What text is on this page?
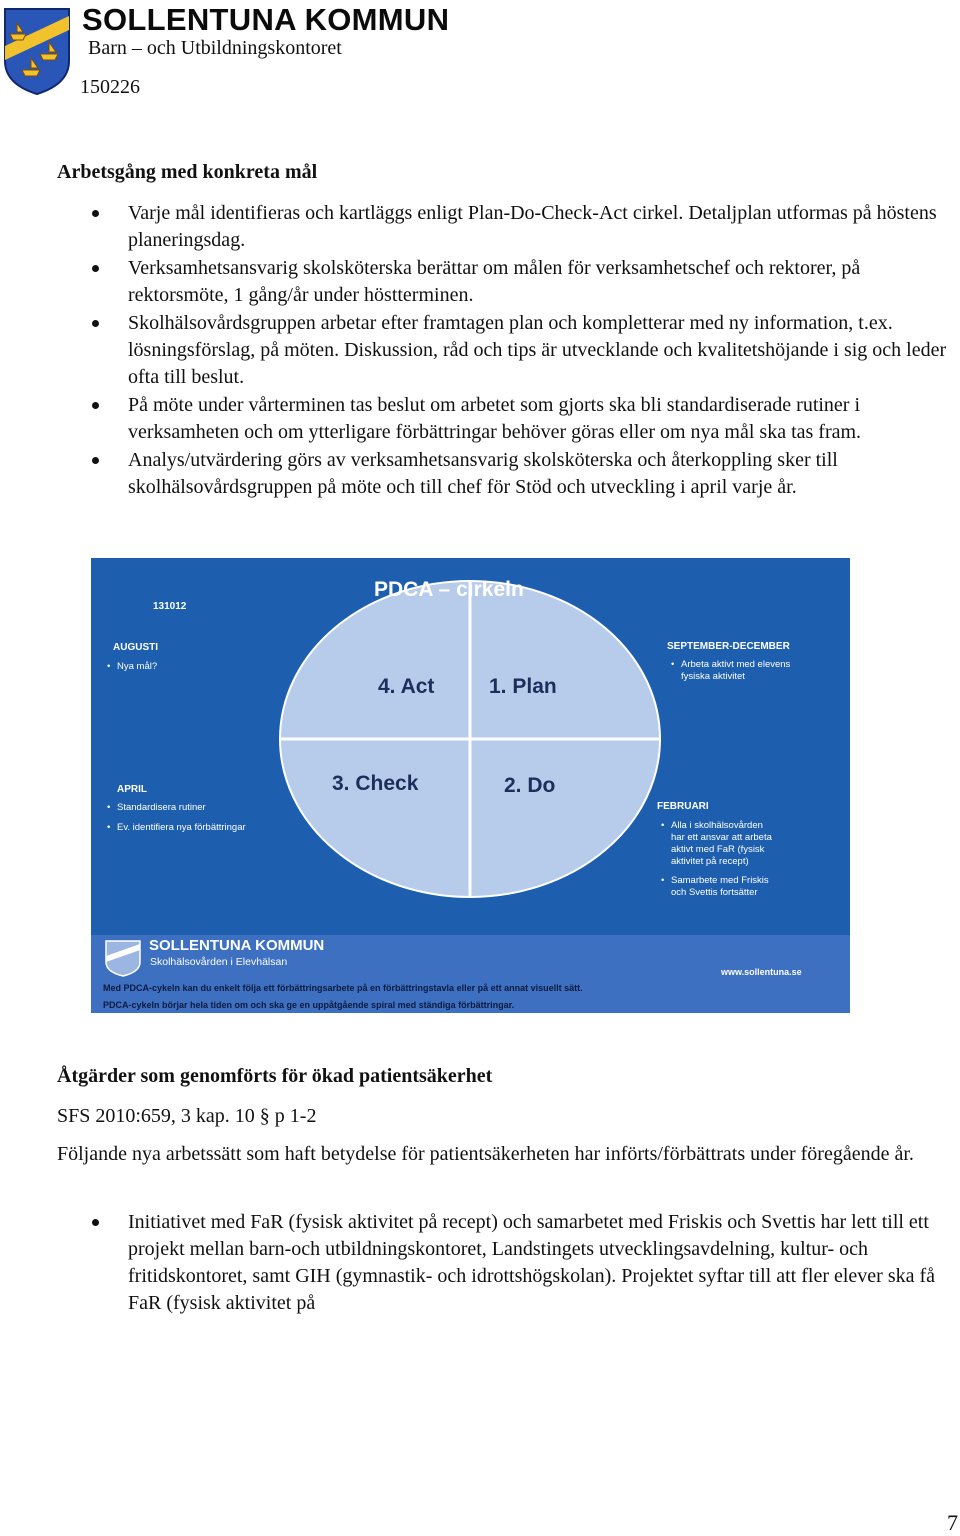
SOLLENTUNA KOMMUN
Barn – och Utbildningskontoret
150226
Arbetsgång med konkreta mål
Varje mål identifieras och kartläggs enligt Plan-Do-Check-Act cirkel. Detaljplan utformas på höstens planeringsdag.
Verksamhetsansvarig skolsköterska berättar om målen för verksamhetschef och rektorer, på rektorsmöte, 1 gång/år under höstterminen.
Skolhälsovårdsgruppen arbetar efter framtagen plan och kompletterar med ny information, t.ex. lösningsförslag, på möten. Diskussion, råd och tips är utvecklande och kvalitetshöjande i sig och leder ofta till beslut.
På möte under vårterminen tas beslut om arbetet som gjorts ska bli standardiserade rutiner i verksamheten och om ytterligare förbättringar behöver göras eller om nya mål ska tas fram.
Analys/utvärdering görs av verksamhetsansvarig skolsköterska och återkoppling sker till skolhälsovårdsgruppen på möte och till chef för Stöd och utveckling i april varje år.
PDCA – cirkeln
131012
4. Act	1. Plan
3. Check	2. Do
AUGUSTI
• Nya mål?
SEPTEMBER-DECEMBER
• Arbeta aktivt med elevens
fysiska aktivitet
APRIL
• Standardisera rutiner
• Ev. identifiera nya förbättringar
FEBRUARI
• Alla i skolhälsovården
har ett ansvar att arbeta
aktivt med FaR (fysisk
aktivitet på recept)
• Samarbete med Friskis
och Svettis fortsätter
SOLLENTUNA KOMMUN
Skolhälsovården i Elevhälsan
www.sollentuna.se
Med PDCA-cykeln kan du enkelt följa ett förbättringsarbete på en förbättringstavla eller på ett annat visuellt sätt.
PDCA-cykeln börjar hela tiden om och ska ge en uppåtgående spiral med ständiga förbättringar.
Åtgärder som genomförts för ökad patientsäkerhet
SFS 2010:659, 3 kap. 10 § p 1-2
Följande nya arbetssätt som haft betydelse för patientsäkerheten har införts/förbättrats under föregående år.
Initiativet med FaR (fysisk aktivitet på recept) och samarbetet med Friskis och Svettis har lett till ett projekt mellan barn-och utbildningskontoret, Landstingets utvecklingsavdelning, kultur- och fritidskontoret, samt GIH (gymnastik- och idrottshögskolan). Projektet syftar till att fler elever ska få FaR (fysisk aktivitet på
7
